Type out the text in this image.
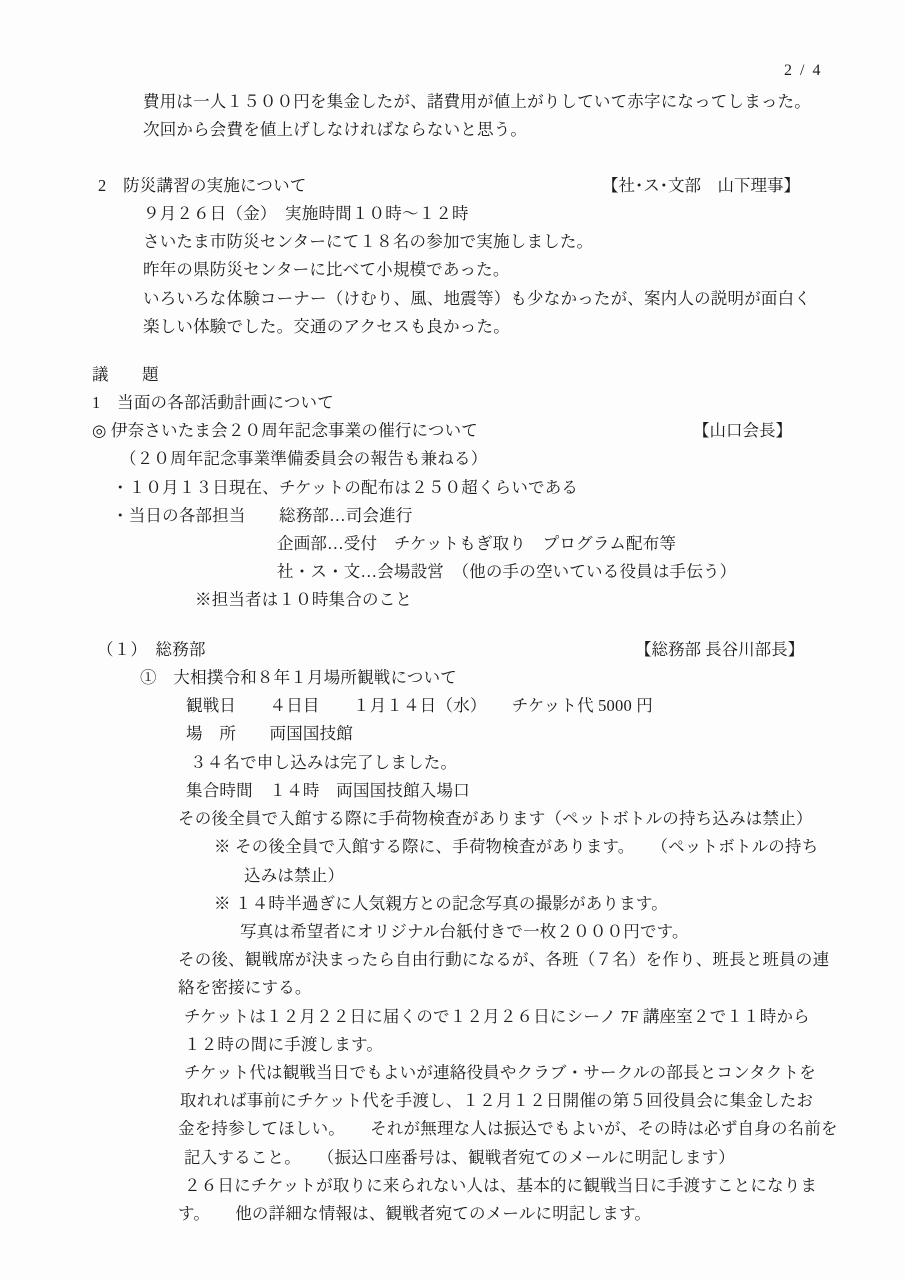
2 / 4
費用は一人１５００円を集金したが、諸費用が値上がりしていて赤字になってしまった。
次回から会費を値上げしなければならないと思う。
2　防災講習の実施について	【社･ス･文部　山下理事】
９月２６日（金）　実施時間１０時～１２時
さいたま市防災センターにて１８名の参加で実施しました。
昨年の県防災センターに比べて小規模であった。
いろいろな体験コーナー（けむり、風、地震等）も少なかったが、案内人の説明が面白く
楽しい体験でした。交通のアクセスも良かった。
議　　題
1　当面の各部活動計画について
◎ 伊奈さいたま会２０周年記念事業の催行について	【山口会長】
（２０周年記念事業準備委員会の報告も兼ねる）
・１０月１３日現在、チケットの配布は２５０超くらいである
・当日の各部担当　　総務部…司会進行
企画部…受付　チケットもぎ取り　プログラム配布等
社・ス・文…会場設営　（他の手の空いている役員は手伝う）
※担当者は１０時集合のこと
（１）　総務部	【総務部 長谷川部長】
①　大相撲令和８年１月場所観戦について
観戦日　　４日目　　１月１４日（水）　　チケット代 5000 円
場　所　　両国国技館
３４名で申し込みは完了しました。
集合時間　１４時　両国国技館入場口
その後全員で入館する際に手荷物検査があります（ペットボトルの持ち込みは禁止）
※ その後全員で入館する際に、手荷物検査があります。　　（ペットボトルの持ち
込みは禁止）
※ １４時半過ぎに人気親方との記念写真の撮影があります。
写真は希望者にオリジナル台紙付きで一枚２０００円です。
その後、観戦席が決まったら自由行動になるが、各班（７名）を作り、班長と班員の連
絡を密接にする。
チケットは１２月２２日に届くので１２月２６日にシーノ 7F 講座室２で１１時から
１２時の間に手渡します。
チケット代は観戦当日でもよいが連絡役員やクラブ・サークルの部長とコンタクトを
取れれば事前にチケット代を手渡し、１２月１２日開催の第５回役員会に集金したお
金を持参してほしい。　　それが無理な人は振込でもよいが、その時は必ず自身の名前を
記入すること。　　（振込口座番号は、観戦者宛てのメールに明記します）
２６日にチケットが取りに来られない人は、基本的に観戦当日に手渡すことになりま
す。　　他の詳細な情報は、観戦者宛てのメールに明記します。
